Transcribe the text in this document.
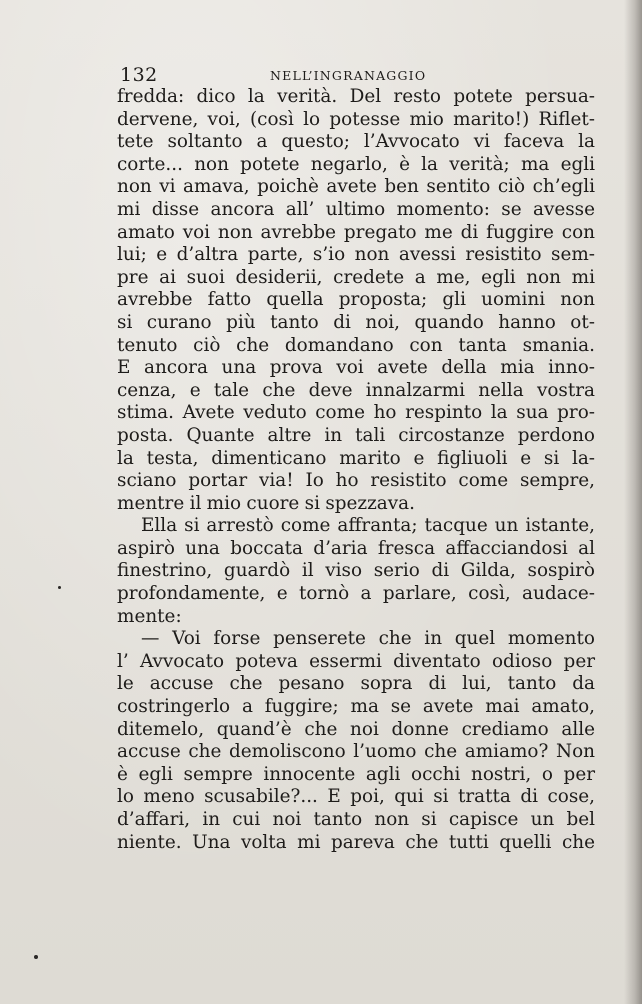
132	NELL’INGRANAGGIO
fredda: dico la verità. Del resto potete persua-
dervene, voi, (così lo potesse mio marito!) Riflet-
tete soltanto a questo; l’Avvocato vi faceva la
corte... non potete negarlo, è la verità; ma egli
non vi amava, poichè avete ben sentito ciò ch’egli
mi disse ancora all’ ultimo momento: se avesse
amato voi non avrebbe pregato me di fuggire con
lui; e d’altra parte, s’io non avessi resistito sem-
pre ai suoi desiderii, credete a me, egli non mi
avrebbe fatto quella proposta; gli uomini non
si curano più tanto di noi, quando hanno ot-
tenuto ciò che domandano con tanta smania.
E ancora una prova voi avete della mia inno-
cenza, e tale che deve innalzarmi nella vostra
stima. Avete veduto come ho respinto la sua pro-
posta. Quante altre in tali circostanze perdono
la testa, dimenticano marito e figliuoli e si la-
sciano portar via! Io ho resistito come sempre,
mentre il mio cuore si spezzava.
Ella si arrestò come affranta; tacque un istante,
aspirò una boccata d’aria fresca affacciandosi al
finestrino, guardò il viso serio di Gilda, sospirò
profondamente, e tornò a parlare, così, audace-
mente:
— Voi forse penserete che in quel momento
l’ Avvocato poteva essermi diventato odioso per
le accuse che pesano sopra di lui, tanto da
costringerlo a fuggire; ma se avete mai amato,
ditemelo, quand’è che noi donne crediamo alle
accuse che demoliscono l’uomo che amiamo? Non
è egli sempre innocente agli occhi nostri, o per
lo meno scusabile?... E poi, qui si tratta di cose,
d’affari, in cui noi tanto non si capisce un bel
niente. Una volta mi pareva che tutti quelli che
